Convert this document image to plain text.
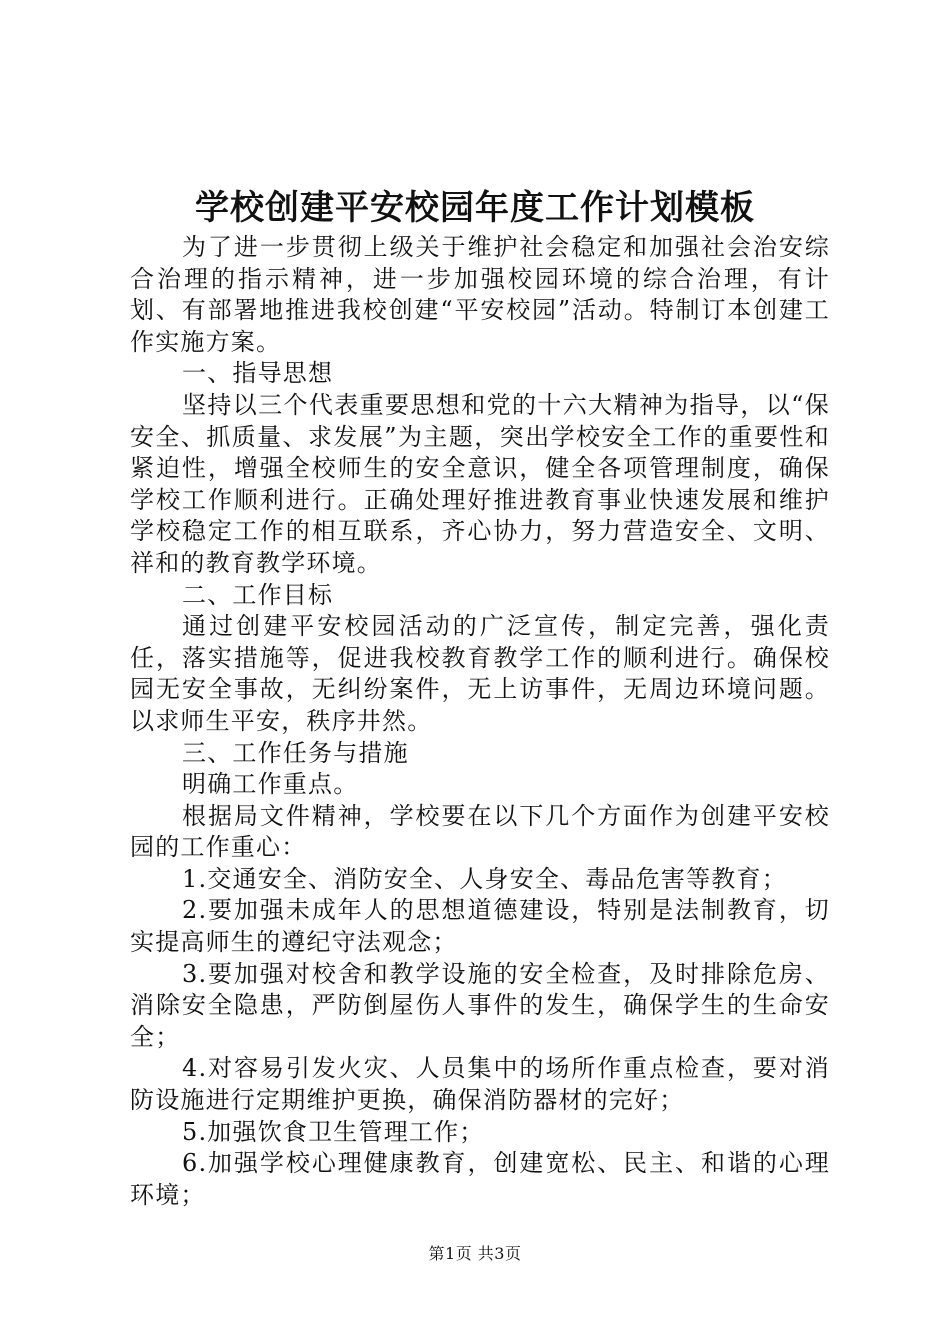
学校创建平安校园年度工作计划模板

为了进一步贯彻上级关于维护社会稳定和加强社会治安综合治理的指示精神，进一步加强校园环境的综合治理，有计划、有部署地推进我校创建“平安校园”活动。特制订本创建工作实施方案。

一、指导思想

坚持以三个代表重要思想和党的十六大精神为指导，以“保安全、抓质量、求发展”为主题，突出学校安全工作的重要性和紧迫性，增强全校师生的安全意识，健全各项管理制度，确保学校工作顺利进行。正确处理好推进教育事业快速发展和维护学校稳定工作的相互联系，齐心协力，努力营造安全、文明、祥和的教育教学环境。

二、工作目标

通过创建平安校园活动的广泛宣传，制定完善，强化责任，落实措施等，促进我校教育教学工作的顺利进行。确保校园无安全事故，无纠纷案件，无上访事件，无周边环境问题。以求师生平安，秩序井然。

三、工作任务与措施

明确工作重点。

根据局文件精神，学校要在以下几个方面作为创建平安校园的工作重心：

1.交通安全、消防安全、人身安全、毒品危害等教育；

2.要加强未成年人的思想道德建设，特别是法制教育，切实提高师生的遵纪守法观念；

3.要加强对校舍和教学设施的安全检查，及时排除危房、消除安全隐患，严防倒屋伤人事件的发生，确保学生的生命安全；

4.对容易引发火灾、人员集中的场所作重点检查，要对消防设施进行定期维护更换，确保消防器材的完好；

5.加强饮食卫生管理工作；

6.加强学校心理健康教育，创建宽松、民主、和谐的心理环境；

第1页 共3页
